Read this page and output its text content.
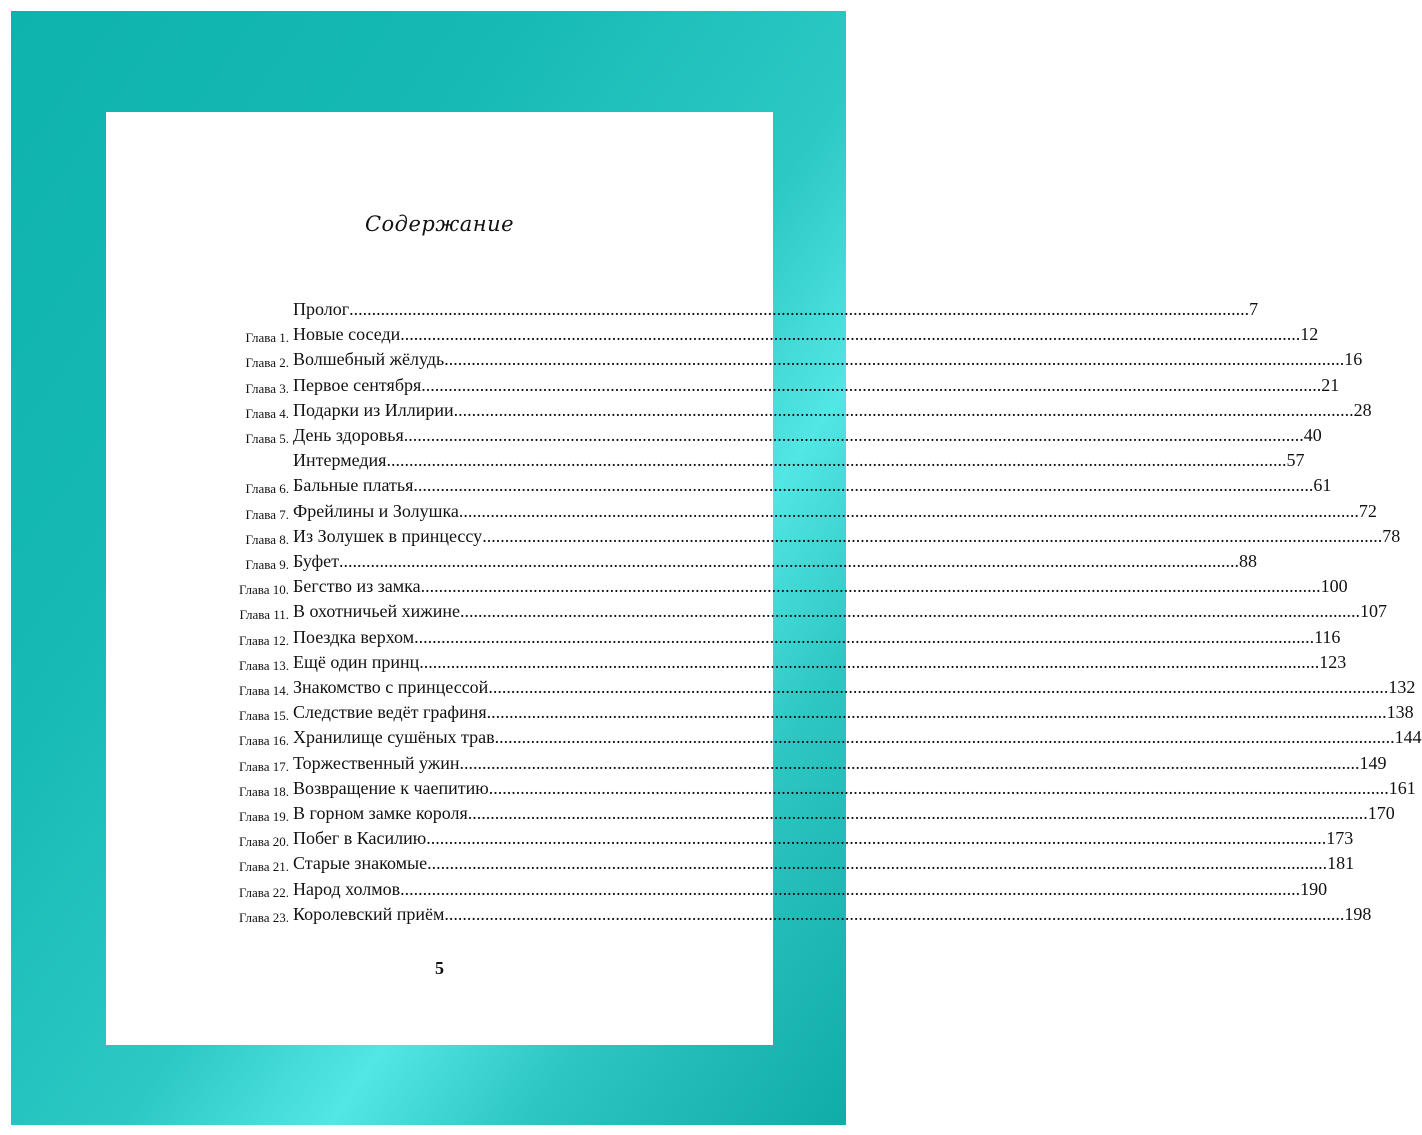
Содержание
Пролог ........................................................................................................................................................................................................ 7
Глава 1. Новые соседи ........................................................................................................................................................................................................ 12
Глава 2. Волшебный жёлудь ........................................................................................................................................................................................................ 16
Глава 3. Первое сентября ........................................................................................................................................................................................................ 21
Глава 4. Подарки из Иллирии ........................................................................................................................................................................................................ 28
Глава 5. День здоровья ........................................................................................................................................................................................................ 40
Интермедия ........................................................................................................................................................................................................ 57
Глава 6. Бальные платья ........................................................................................................................................................................................................ 61
Глава 7. Фрейлины и Золушка ........................................................................................................................................................................................................ 72
Глава 8. Из Золушек в принцессу ........................................................................................................................................................................................................ 78
Глава 9. Буфет ........................................................................................................................................................................................................ 88
Глава 10. Бегство из замка ........................................................................................................................................................................................................ 100
Глава 11. В охотничьей хижине ........................................................................................................................................................................................................ 107
Глава 12. Поездка верхом ........................................................................................................................................................................................................ 116
Глава 13. Ещё один принц ........................................................................................................................................................................................................ 123
Глава 14. Знакомство с принцессой ........................................................................................................................................................................................................ 132
Глава 15. Следствие ведёт графиня ........................................................................................................................................................................................................ 138
Глава 16. Хранилище сушёных трав ........................................................................................................................................................................................................ 144
Глава 17. Торжественный ужин ........................................................................................................................................................................................................ 149
Глава 18. Возвращение к чаепитию ........................................................................................................................................................................................................ 161
Глава 19. В горном замке короля ........................................................................................................................................................................................................ 170
Глава 20. Побег в Касилию ........................................................................................................................................................................................................ 173
Глава 21. Старые знакомые ........................................................................................................................................................................................................ 181
Глава 22. Народ холмов ........................................................................................................................................................................................................ 190
Глава 23. Королевский приём ........................................................................................................................................................................................................ 198
5
